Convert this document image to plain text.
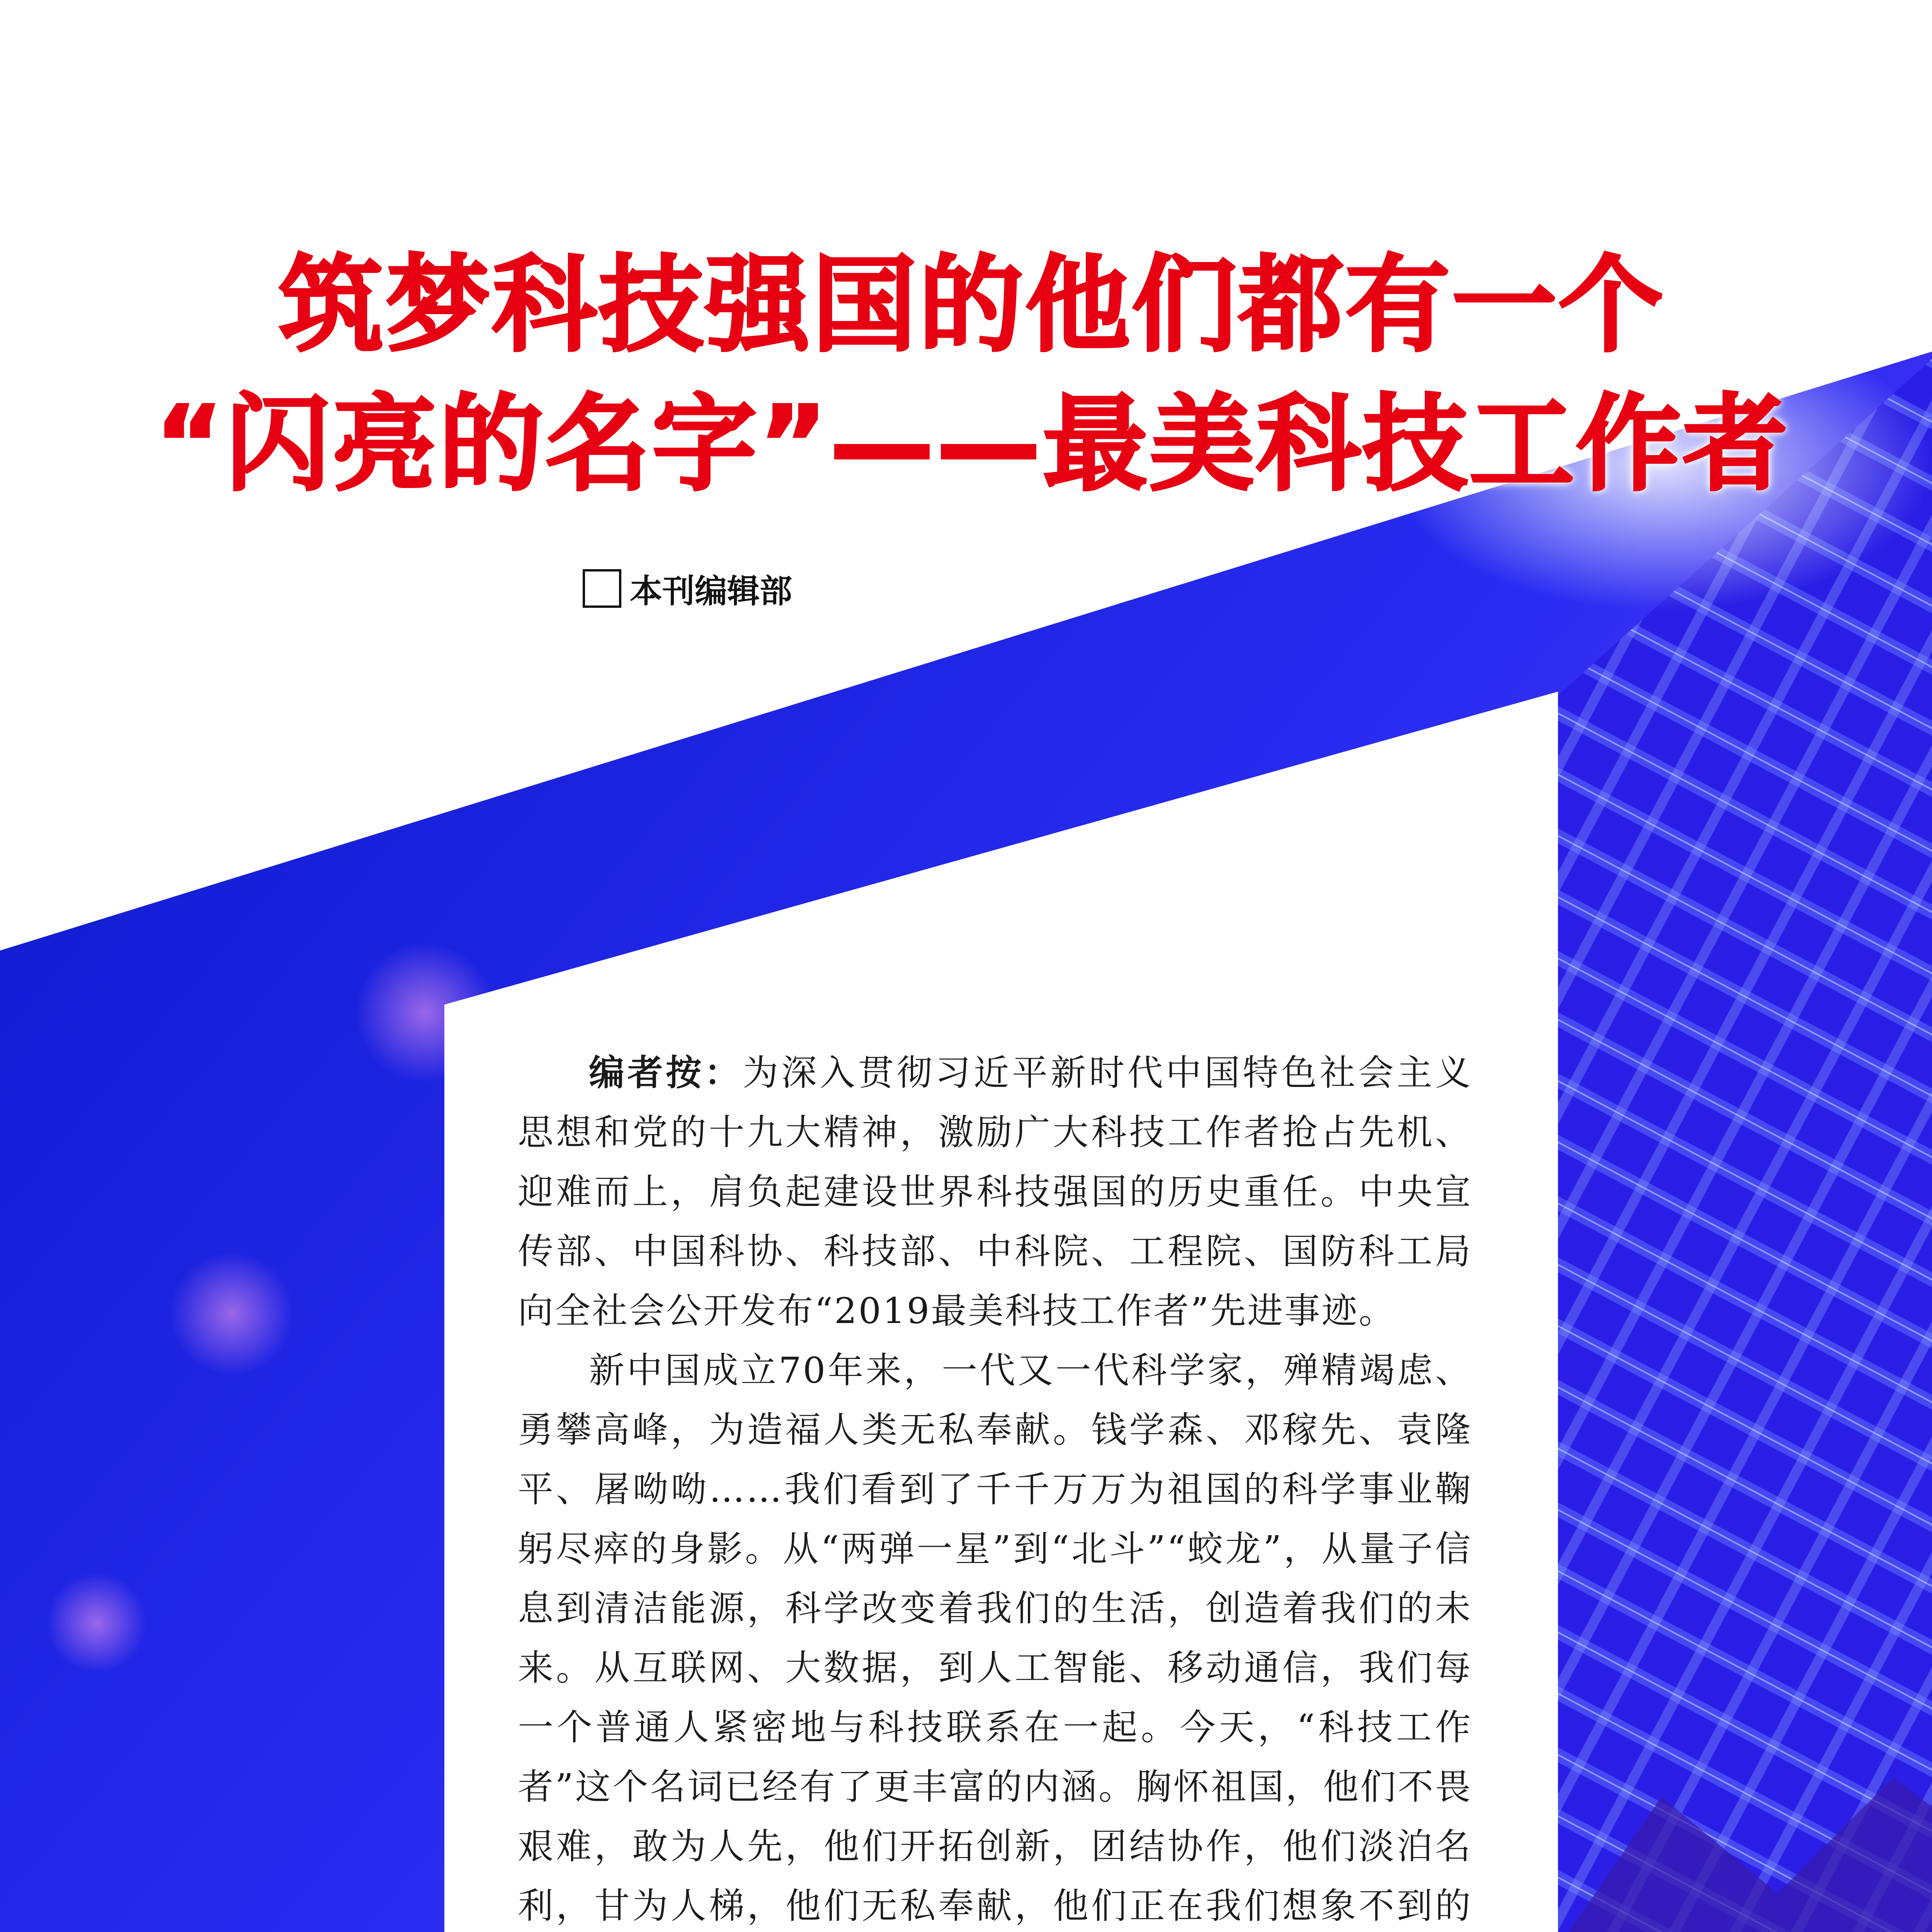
筑梦科技强国的他们都有一个
“闪亮的名字”——最美科技工作者
本刊编辑部

编者按：为深入贯彻习近平新时代中国特色社会主义思想和党的十九大精神，激励广大科技工作者抢占先机、迎难而上，肩负起建设世界科技强国的历史重任。中央宣传部、中国科协、科技部、中科院、工程院、国防科工局向全社会公开发布“2019最美科技工作者”先进事迹。

新中国成立70年来，一代又一代科学家，殚精竭虑、勇攀高峰，为造福人类无私奉献。钱学森、邓稼先、袁隆平、屠呦呦……我们看到了千千万万为祖国的科学事业鞠躬尽瘁的身影。从“两弹一星”到“北斗”“蛟龙”，从量子信息到清洁能源，科学改变着我们的生活，创造着我们的未来。从互联网、大数据，到人工智能、移动通信，我们每一个普通人紧密地与科技联系在一起。今天，“科技工作者”这个名词已经有了更丰富的内涵。胸怀祖国，他们不畏艰难，敢为人先，他们开拓创新，团结协作，他们淡泊名利，甘为人梯，他们无私奉献，他们正在我们想象不到的
